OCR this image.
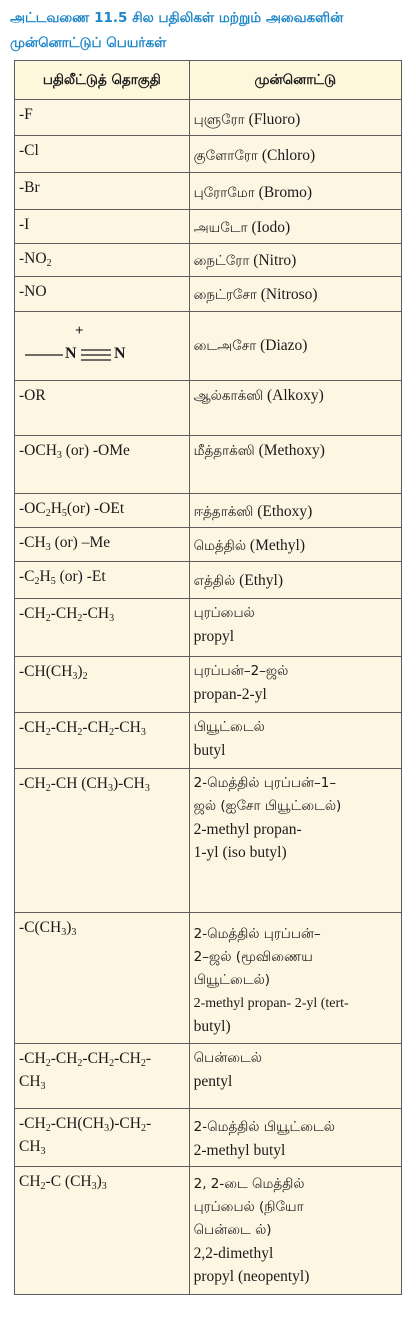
அட்டவணை 11.5 சில பதிலிகள் மற்றும் அவைகளின்
முன்னொட்டுப் பெயர்கள்
பதிலீட்டுத் தொகுதி	முன்னொட்டு
-F	புளுரோ (Fluoro)
-Cl	குளோரோ (Chloro)
-Br	புரோமோ (Bromo)
-I	அயடோ (Iodo)
$-NO_2$	நைட்ரோ (Nitro)
-NO	நைட்ரசோ (Nitroso)

+
N N	டைஅசோ (Diazo)
-OR	ஆல்காக்ஸி (Alkoxy)
$-OCH_3$ (or) -OMe	மீத்தாக்ஸி (Methoxy)
$-OC_2H_5(or)$ -OEt	ஈத்தாக்ஸி (Ethoxy)
$-CH_3$ (or) –Me	மெத்தில் (Methyl)
$-C_2H_5$ (or) -Et	எத்தில் (Ethyl)
$-CH_2-CH_2-CH_3$	புரப்பைல்
propyl

$-CH(CH_3)_2$	புரப்பன்–2–ஜல்
propan-2-yl

$-CH_2-CH_2-CH_2-CH_3$	பியூட்டைல்
butyl

$-CH_2-CH$ $(CH_3)-CH_3$	2-மெத்தில் புரப்பன்–1–
ஜல் (ஐசோ பியூட்டைல்)
2-methyl propan-
1-yl (iso butyl)

$-C(CH_3)_3$	2-மெத்தில் புரப்பன்–
2–ஜல் (மூவிணைய
பியூட்டைல்)
2-methyl propan- 2-yl (tert-
butyl)

$-CH_2-CH_2-CH_2-CH_2-$
$CH_3$	பென்டைல்
pentyl

$-CH_2-CH(CH_3)-CH_2-$
$CH_3$	2-மெத்தில் பியூட்டைல்
2-methyl butyl

$CH_2-C$ $(CH_3)_3$	2, 2-டை மெத்தில்
புரப்பைல் (நியோ
பென்டை ல்)
2,2-dimethyl
propyl (neopentyl)
